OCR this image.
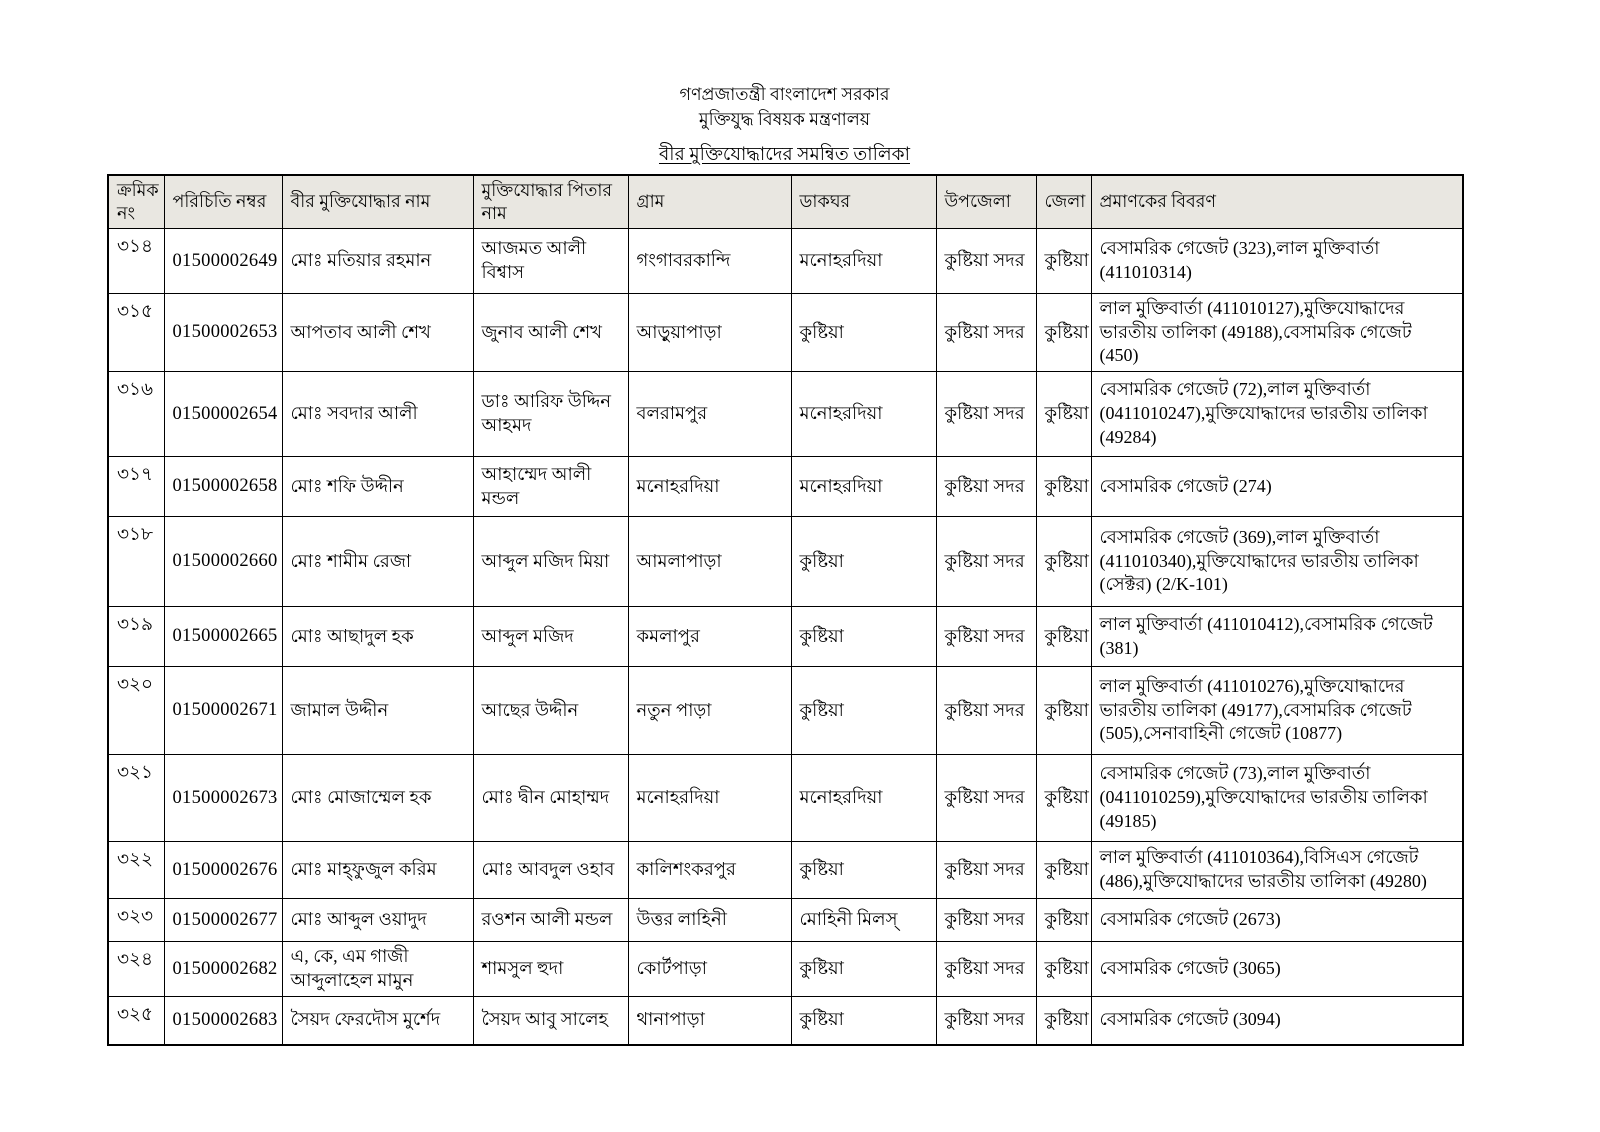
গণপ্রজাতন্ত্রী বাংলাদেশ সরকার
মুক্তিযুদ্ধ বিষয়ক মন্ত্রণালয়
বীর মুক্তিযোদ্ধাদের সমন্বিত তালিকা
ক্রমিক নং	পরিচিতি নম্বর	বীর মুক্তিযোদ্ধার নাম	মুক্তিযোদ্ধার পিতার নাম	গ্রাম	ডাকঘর	উপজেলা	জেলা	প্রমাণকের বিবরণ
৩১৪	01500002649	মোঃ মতিয়ার রহমান	আজমত আলী বিশ্বাস	গংগাবরকান্দি	মনোহরদিয়া	কুষ্টিয়া সদর	কুষ্টিয়া	বেসামরিক গেজেট (323),লাল মুক্তিবার্তা (411010314)
৩১৫	01500002653	আপতাব আলী শেখ	জুনাব আলী শেখ	আড়ুয়াপাড়া	কুষ্টিয়া	কুষ্টিয়া সদর	কুষ্টিয়া	লাল মুক্তিবার্তা (411010127),মুক্তিযোদ্ধাদের ভারতীয় তালিকা (49188),বেসামরিক গেজেট (450)
৩১৬	01500002654	মোঃ সবদার আলী	ডাঃ আরিফ উদ্দিন আহমদ	বলরামপুর	মনোহরদিয়া	কুষ্টিয়া সদর	কুষ্টিয়া	বেসামরিক গেজেট (72),লাল মুক্তিবার্তা (0411010247),মুক্তিযোদ্ধাদের ভারতীয় তালিকা (49284)
৩১৭	01500002658	মোঃ শফি উদ্দীন	আহাম্মেদ আলী মন্ডল	মনোহরদিয়া	মনোহরদিয়া	কুষ্টিয়া সদর	কুষ্টিয়া	বেসামরিক গেজেট (274)
৩১৮	01500002660	মোঃ শামীম রেজা	আব্দুল মজিদ মিয়া	আমলাপাড়া	কুষ্টিয়া	কুষ্টিয়া সদর	কুষ্টিয়া	বেসামরিক গেজেট (369),লাল মুক্তিবার্তা (411010340),মুক্তিযোদ্ধাদের ভারতীয় তালিকা (সেক্টর) (2/K-101)
৩১৯	01500002665	মোঃ আছাদুল হক	আব্দুল মজিদ	কমলাপুর	কুষ্টিয়া	কুষ্টিয়া সদর	কুষ্টিয়া	লাল মুক্তিবার্তা (411010412),বেসামরিক গেজেট (381)
৩২০	01500002671	জামাল উদ্দীন	আছের উদ্দীন	নতুন পাড়া	কুষ্টিয়া	কুষ্টিয়া সদর	কুষ্টিয়া	লাল মুক্তিবার্তা (411010276),মুক্তিযোদ্ধাদের ভারতীয় তালিকা (49177),বেসামরিক গেজেট (505),সেনাবাহিনী গেজেট (10877)
৩২১	01500002673	মোঃ মোজাম্মেল হক	মোঃ দ্বীন মোহাম্মদ	মনোহরদিয়া	মনোহরদিয়া	কুষ্টিয়া সদর	কুষ্টিয়া	বেসামরিক গেজেট (73),লাল মুক্তিবার্তা (0411010259),মুক্তিযোদ্ধাদের ভারতীয় তালিকা (49185)
৩২২	01500002676	মোঃ মাহ্‌ফুজুল করিম	মোঃ আবদুল ওহাব	কালিশংকরপুর	কুষ্টিয়া	কুষ্টিয়া সদর	কুষ্টিয়া	লাল মুক্তিবার্তা (411010364),বিসিএস গেজেট (486),মুক্তিযোদ্ধাদের ভারতীয় তালিকা (49280)
৩২৩	01500002677	মোঃ আব্দুল ওয়াদুদ	রওশন আলী মন্ডল	উত্তর লাহিনী	মোহিনী মিলস্	কুষ্টিয়া সদর	কুষ্টিয়া	বেসামরিক গেজেট (2673)
৩২৪	01500002682	এ, কে, এম গাজী আব্দুলাহেল মামুন	শামসুল হুদা	কোর্টপাড়া	কুষ্টিয়া	কুষ্টিয়া সদর	কুষ্টিয়া	বেসামরিক গেজেট (3065)
৩২৫	01500002683	সৈয়দ ফেরদৌস মুর্শেদ	সৈয়দ আবু সালেহ	থানাপাড়া	কুষ্টিয়া	কুষ্টিয়া সদর	কুষ্টিয়া	বেসামরিক গেজেট (3094)
